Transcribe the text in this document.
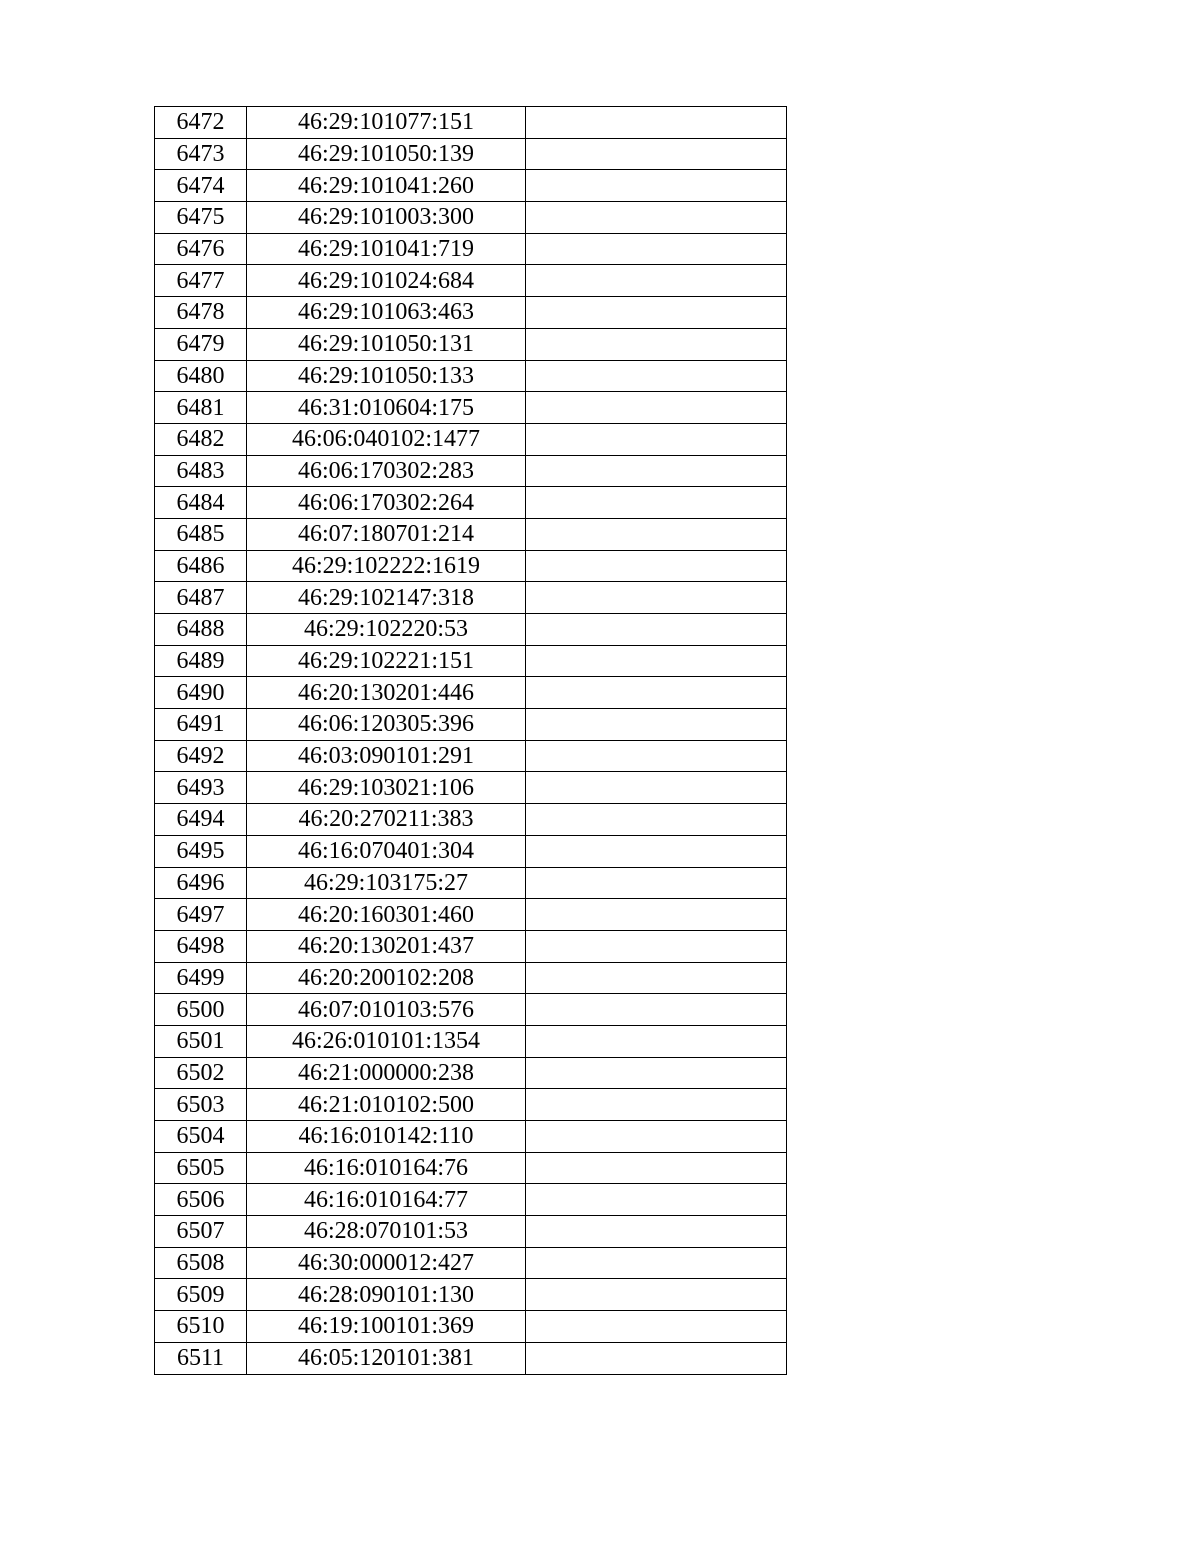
6472	46:29:101077:151	
6473	46:29:101050:139	
6474	46:29:101041:260	
6475	46:29:101003:300	
6476	46:29:101041:719	
6477	46:29:101024:684	
6478	46:29:101063:463	
6479	46:29:101050:131	
6480	46:29:101050:133	
6481	46:31:010604:175	
6482	46:06:040102:1477	
6483	46:06:170302:283	
6484	46:06:170302:264	
6485	46:07:180701:214	
6486	46:29:102222:1619	
6487	46:29:102147:318	
6488	46:29:102220:53	
6489	46:29:102221:151	
6490	46:20:130201:446	
6491	46:06:120305:396	
6492	46:03:090101:291	
6493	46:29:103021:106	
6494	46:20:270211:383	
6495	46:16:070401:304	
6496	46:29:103175:27	
6497	46:20:160301:460	
6498	46:20:130201:437	
6499	46:20:200102:208	
6500	46:07:010103:576	
6501	46:26:010101:1354	
6502	46:21:000000:238	
6503	46:21:010102:500	
6504	46:16:010142:110	
6505	46:16:010164:76	
6506	46:16:010164:77	
6507	46:28:070101:53	
6508	46:30:000012:427	
6509	46:28:090101:130	
6510	46:19:100101:369	
6511	46:05:120101:381	
